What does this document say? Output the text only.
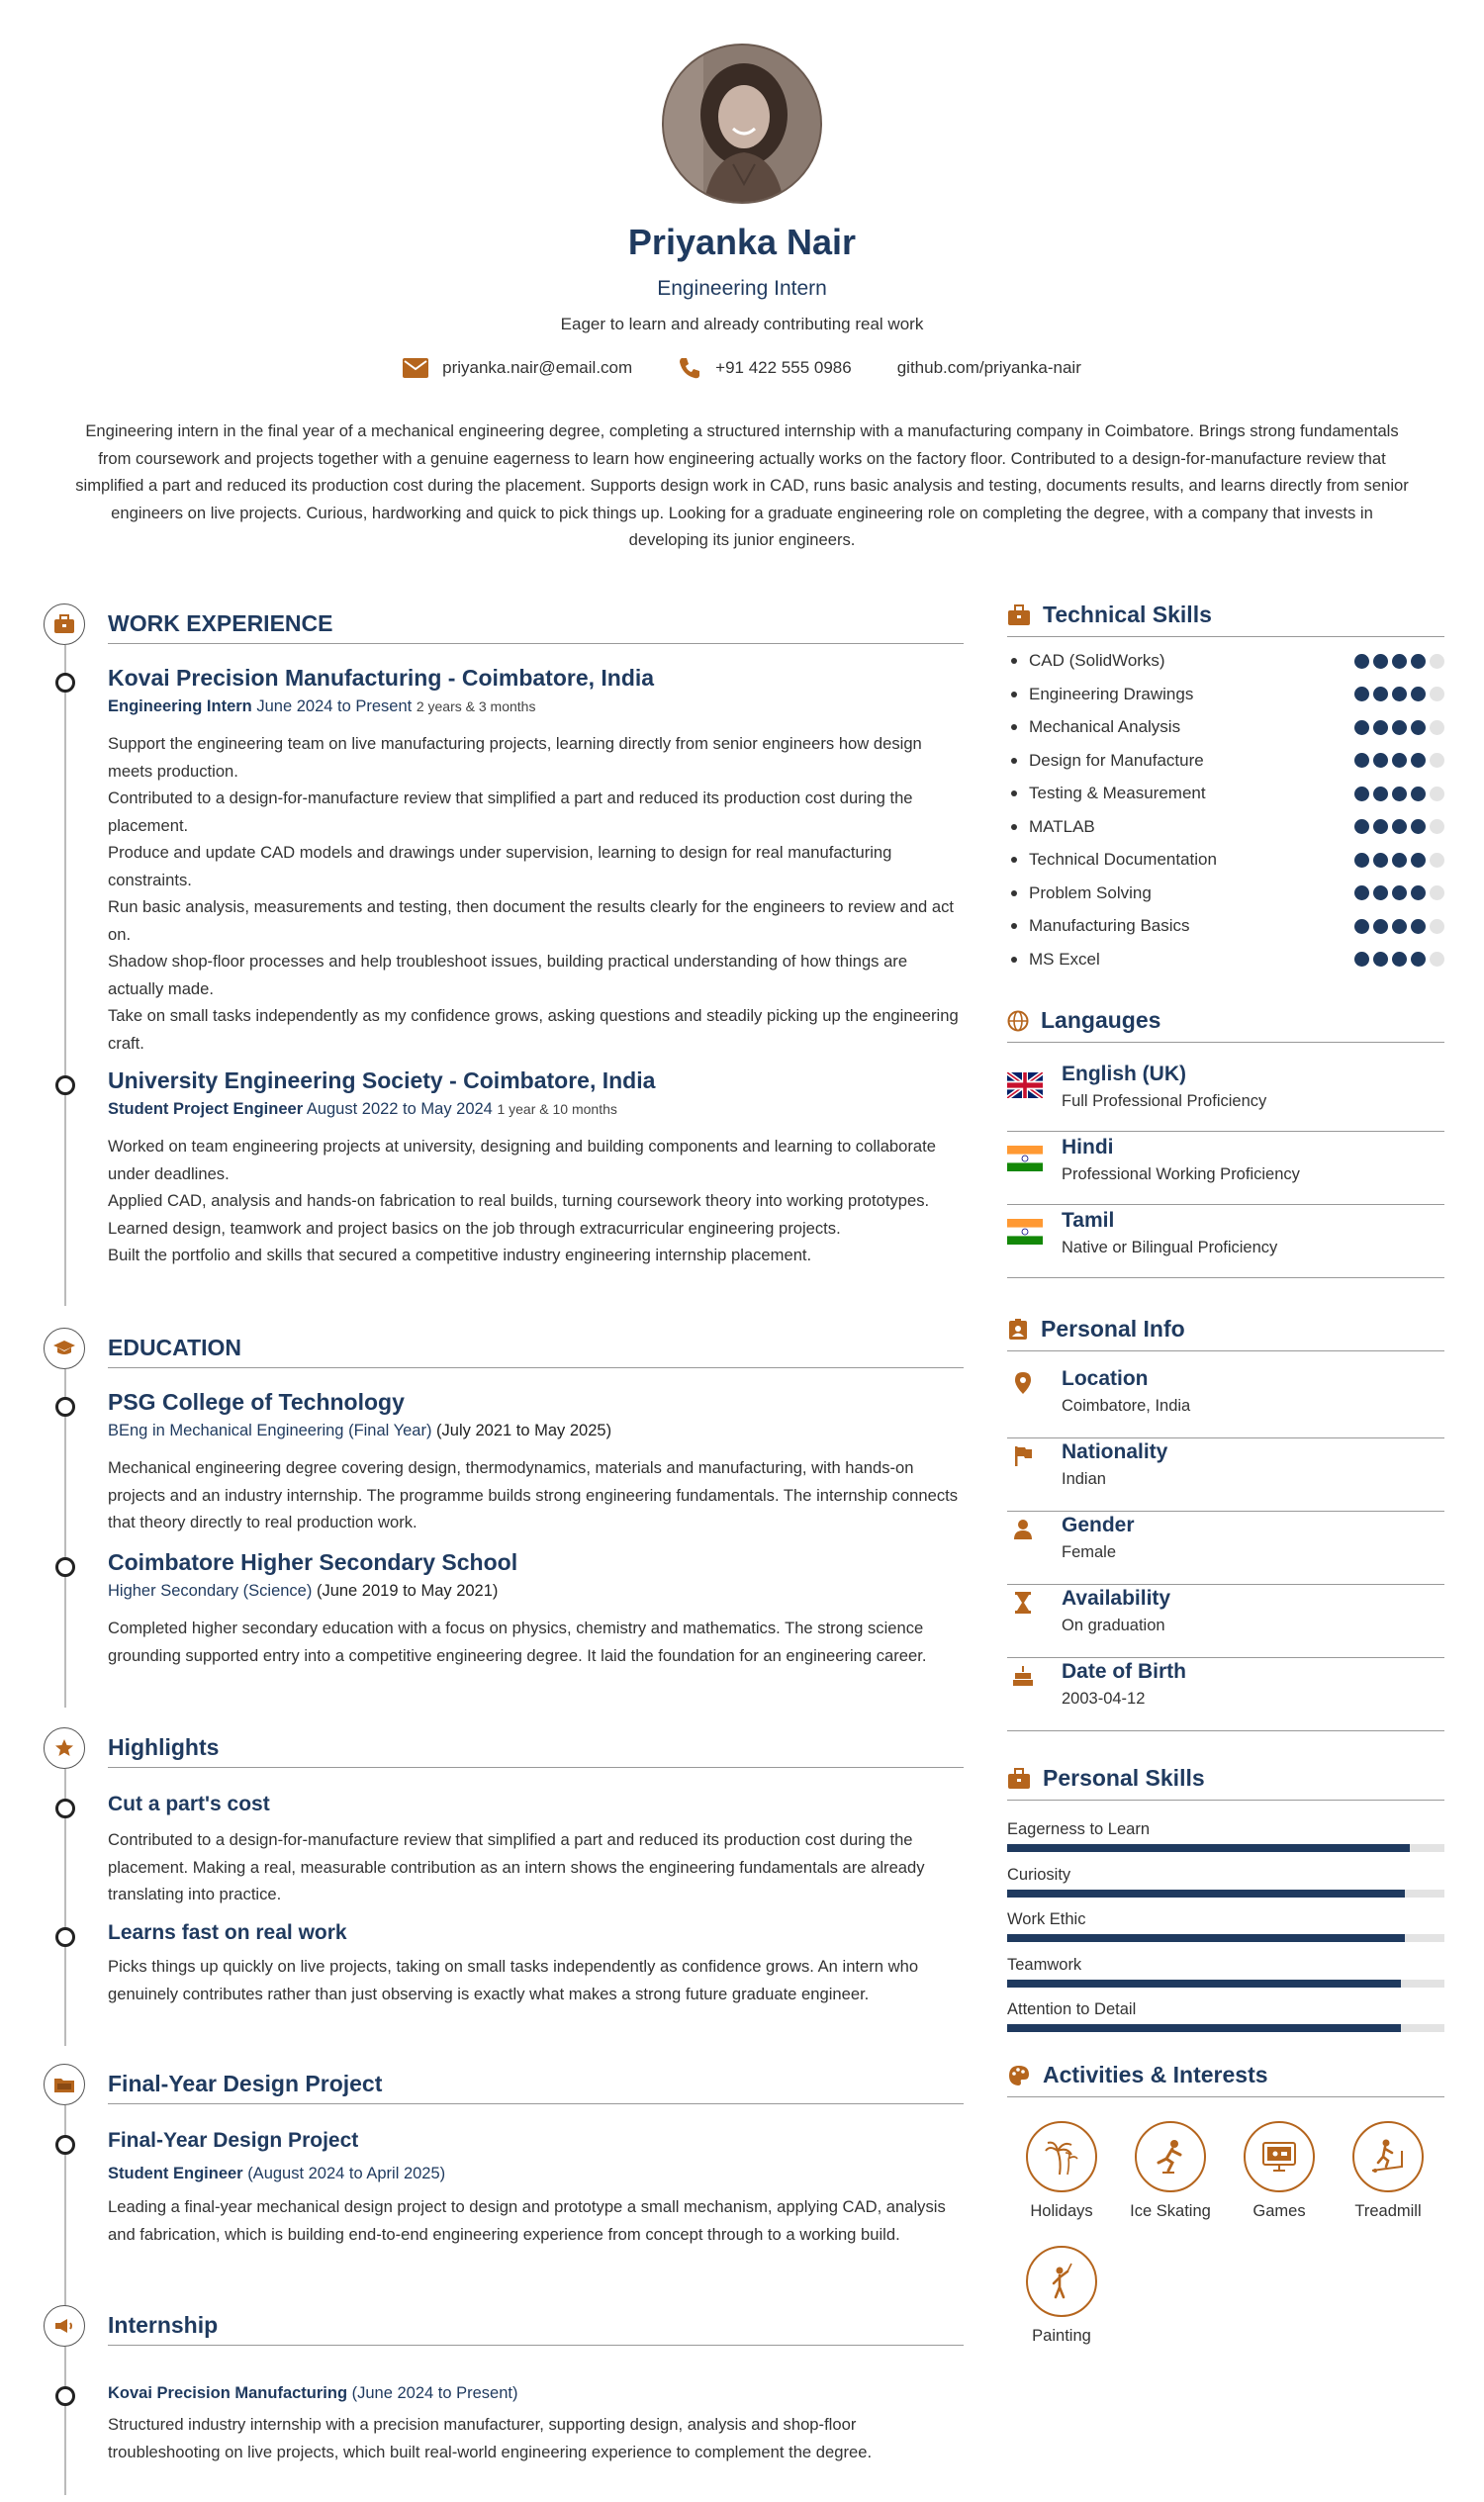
Priyanka Nair
Engineering Intern
Eager to learn and already contributing real work
priyanka.nair@email.com	+91 422 555 0986	github.com/priyanka-nair
Engineering intern in the final year of a mechanical engineering degree, completing a structured internship with a manufacturing company in Coimbatore. Brings strong fundamentals from coursework and projects together with a genuine eagerness to learn how engineering actually works on the factory floor. Contributed to a design-for-manufacture review that simplified a part and reduced its production cost during the placement. Supports design work in CAD, runs basic analysis and testing, documents results, and learns directly from senior engineers on live projects. Curious, hardworking and quick to pick things up. Looking for a graduate engineering role on completing the degree, with a company that invests in developing its junior engineers.
WORK EXPERIENCE
Kovai Precision Manufacturing - Coimbatore, India
Engineering Intern June 2024 to Present 2 years & 3 months
Support the engineering team on live manufacturing projects, learning directly from senior engineers how design meets production.
Contributed to a design-for-manufacture review that simplified a part and reduced its production cost during the placement.
Produce and update CAD models and drawings under supervision, learning to design for real manufacturing constraints.
Run basic analysis, measurements and testing, then document the results clearly for the engineers to review and act on.
Shadow shop-floor processes and help troubleshoot issues, building practical understanding of how things are actually made.
Take on small tasks independently as my confidence grows, asking questions and steadily picking up the engineering craft.
University Engineering Society - Coimbatore, India
Student Project Engineer August 2022 to May 2024 1 year & 10 months
Worked on team engineering projects at university, designing and building components and learning to collaborate under deadlines.
Applied CAD, analysis and hands-on fabrication to real builds, turning coursework theory into working prototypes.
Learned design, teamwork and project basics on the job through extracurricular engineering projects.
Built the portfolio and skills that secured a competitive industry engineering internship placement.
EDUCATION
PSG College of Technology
BEng in Mechanical Engineering (Final Year) (July 2021 to May 2025)
Mechanical engineering degree covering design, thermodynamics, materials and manufacturing, with hands-on projects and an industry internship. The programme builds strong engineering fundamentals. The internship connects that theory directly to real production work.
Coimbatore Higher Secondary School
Higher Secondary (Science) (June 2019 to May 2021)
Completed higher secondary education with a focus on physics, chemistry and mathematics. The strong science grounding supported entry into a competitive engineering degree. It laid the foundation for an engineering career.
Highlights
Cut a part's cost
Contributed to a design-for-manufacture review that simplified a part and reduced its production cost during the placement. Making a real, measurable contribution as an intern shows the engineering fundamentals are already translating into practice.
Learns fast on real work
Picks things up quickly on live projects, taking on small tasks independently as confidence grows. An intern who genuinely contributes rather than just observing is exactly what makes a strong future graduate engineer.
Final-Year Design Project
Final-Year Design Project
Student Engineer (August 2024 to April 2025)
Leading a final-year mechanical design project to design and prototype a small mechanism, applying CAD, analysis and fabrication, which is building end-to-end engineering experience from concept through to a working build.
Internship
Kovai Precision Manufacturing (June 2024 to Present)
Structured industry internship with a precision manufacturer, supporting design, analysis and shop-floor troubleshooting on live projects, which built real-world engineering experience to complement the degree.
Technical Skills
CAD (SolidWorks)
Engineering Drawings
Mechanical Analysis
Design for Manufacture
Testing & Measurement
MATLAB
Technical Documentation
Problem Solving
Manufacturing Basics
MS Excel
Langauges
English (UK)
Full Professional Proficiency
Hindi
Professional Working Proficiency
Tamil
Native or Bilingual Proficiency
Personal Info
Location
Coimbatore, India
Nationality
Indian
Gender
Female
Availability
On graduation
Date of Birth
2003-04-12
Personal Skills
Eagerness to Learn
Curiosity
Work Ethic
Teamwork
Attention to Detail
Activities & Interests
Holidays	Ice Skating	Games	Treadmill
Painting
